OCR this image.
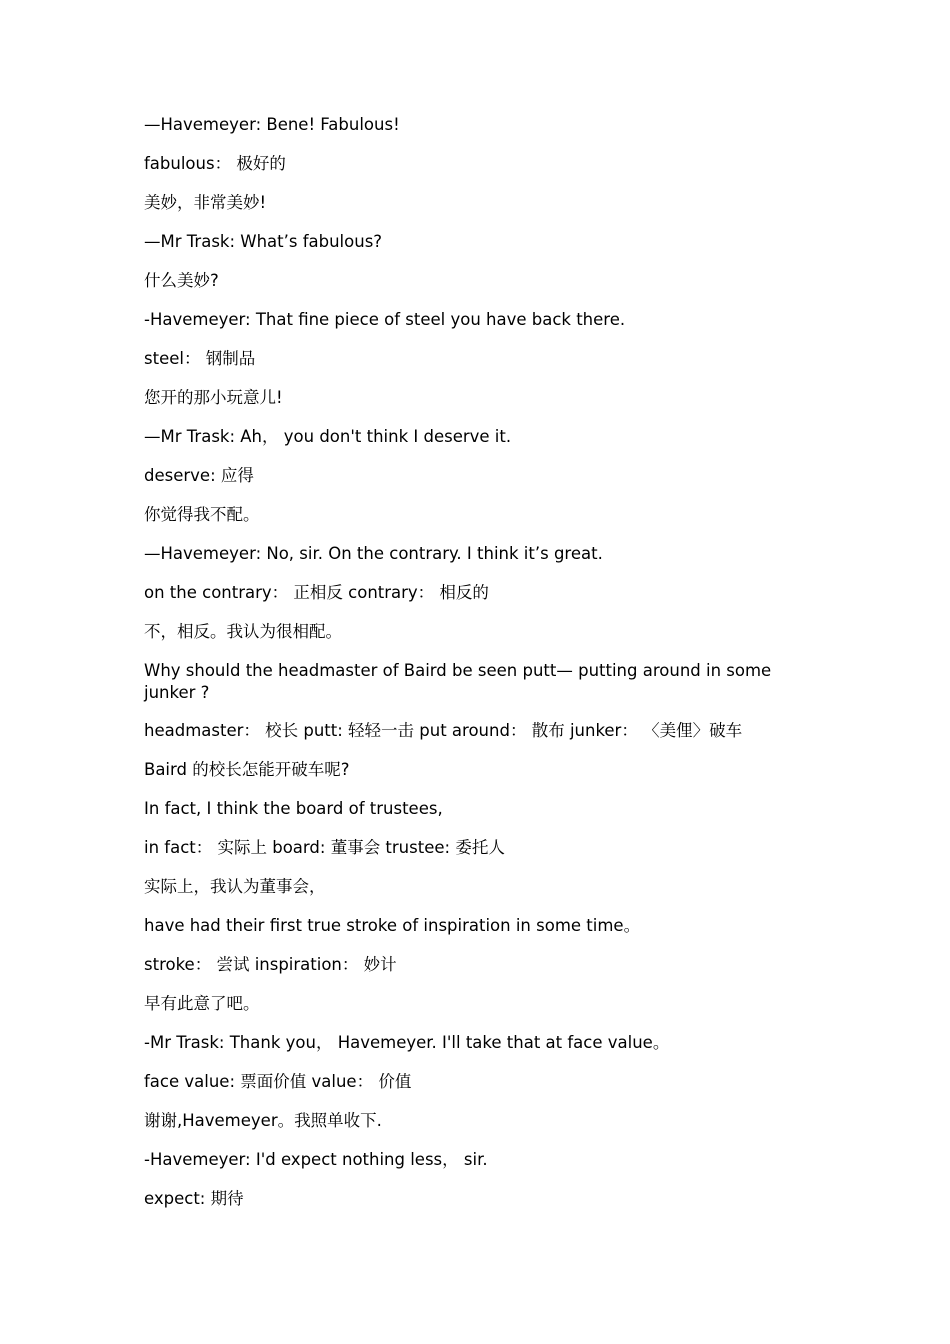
—Havemeyer: Bene! Fabulous!
fabulous： 极好的
美妙，非常美妙!
—Mr Trask: What’s fabulous?
什么美妙?
-Havemeyer: That fine piece of steel you have back there.
steel： 钢制品
您开的那小玩意儿!
—Mr Trask: Ah， you don't think I deserve it.
deserve: 应得
你觉得我不配。
—Havemeyer: No, sir. On the contrary. I think it’s great.
on the contrary： 正相反 contrary： 相反的
不，相反。我认为很相配。
Why should the headmaster of Baird be seen putt— putting around in some junker ?
headmaster： 校长 putt: 轻轻一击 put around： 散布 junker： 〈美俚〉破车
Baird 的校长怎能开破车呢?
In fact, I think the board of trustees,
in fact： 实际上 board: 董事会 trustee: 委托人
实际上，我认为董事会，
have had their first true stroke of inspiration in some time。
stroke： 尝试 inspiration： 妙计
早有此意了吧。
-Mr Trask: Thank you， Havemeyer. I'll take that at face value。
face value: 票面价值 value： 价值
谢谢,Havemeyer。我照单收下.
-Havemeyer: I'd expect nothing less， sir.
expect: 期待
